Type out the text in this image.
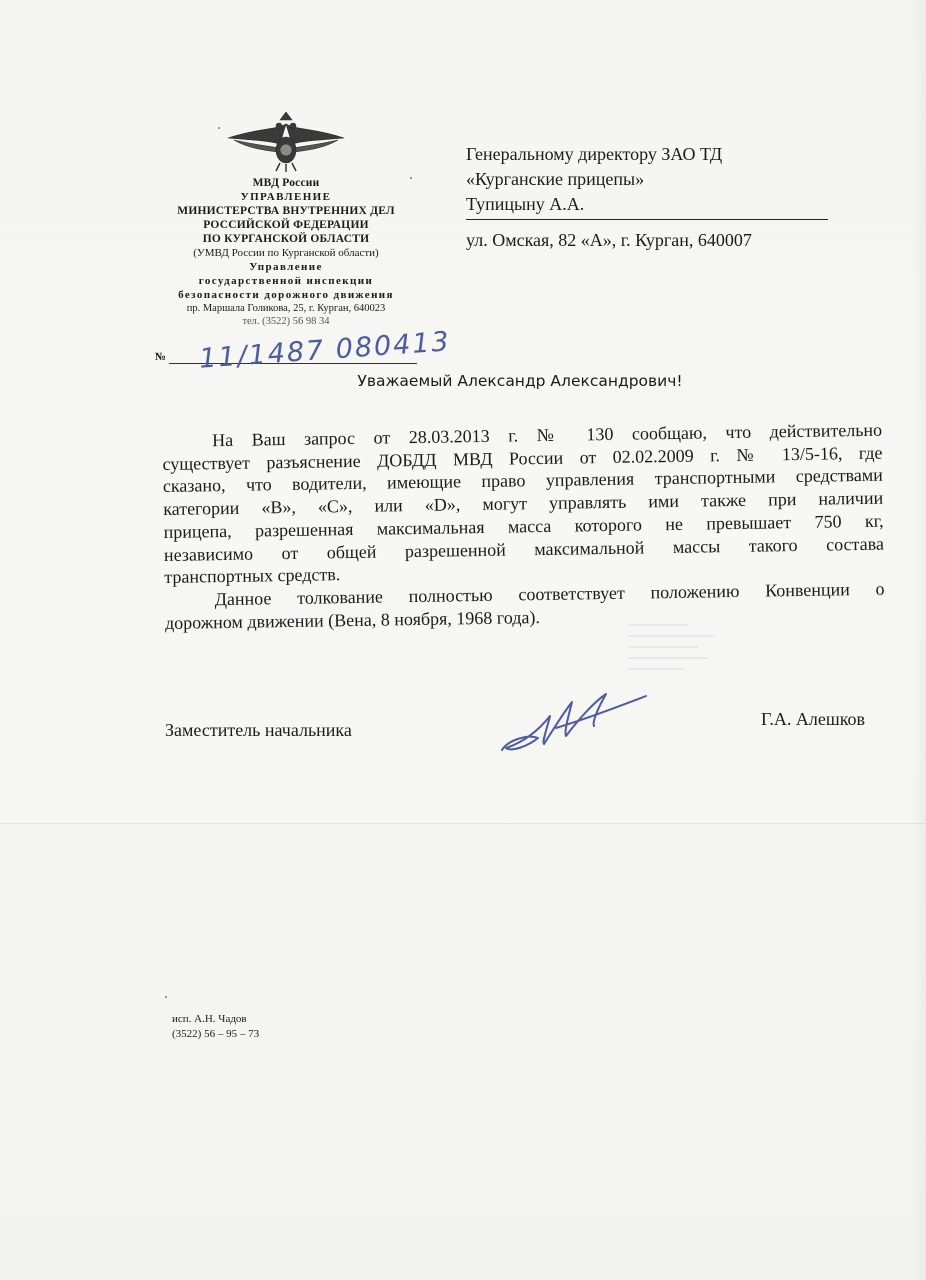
МВД России
УПРАВЛЕНИЕ
МИНИСТЕРСТВА ВНУТРЕННИХ ДЕЛ
РОССИЙСКОЙ ФЕДЕРАЦИИ
ПО КУРГАНСКОЙ ОБЛАСТИ
(УМВД России по Курганской области)
Управление
государственной инспекции
безопасности дорожного движения
пр. Маршала Голикова, 25, г. Курган, 640023
тел. (3522) 56 98 34
№ 11/1487 080413
Генеральному директору ЗАО ТД
«Курганские прицепы»
Тупицыну А.А.
ул. Омская, 82 «А», г. Курган, 640007
Уважаемый Александр Александрович!
На Ваш запрос от 28.03.2013 г. № 130 сообщаю, что действительно
существует разъяснение ДОБДД МВД России от 02.02.2009 г. № 13/5-16, где
сказано, что водители, имеющие право управления транспортными средствами
категории «В», «С», или «D», могут управлять ими также при наличии
прицепа, разрешенная максимальная масса которого не превышает 750 кг,
независимо от общей разрешенной максимальной массы такого состава
транспортных средств.
Данное толкование полностью соответствует положению Конвенции о
дорожном движении (Вена, 8 ноября, 1968 года).
Заместитель начальника
Г.А. Алешков
исп. А.Н. Чадов
(3522) 56 – 95 – 73
